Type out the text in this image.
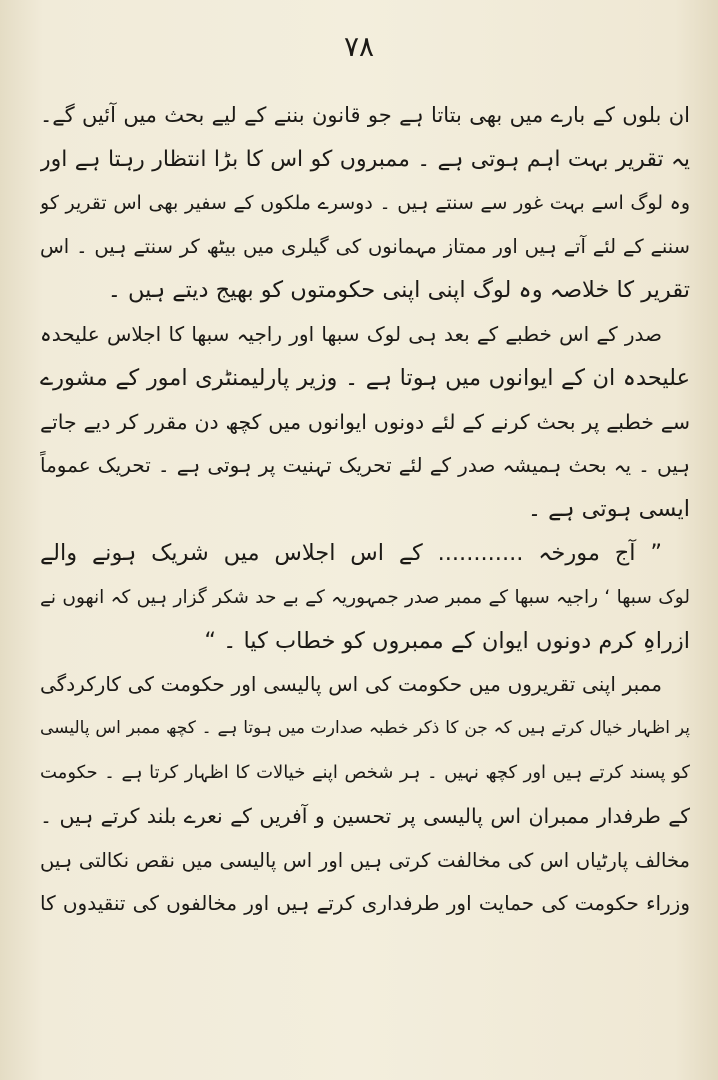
۷۸
ان بلوں کے بارے میں بھی بتاتا ہے جو قانون بننے کے لیے بحث میں آئیں گے۔
یہ تقریر بہت اہم ہوتی ہے ۔ ممبروں کو اس کا بڑا انتظار رہتا ہے اور
وہ لوگ اسے بہت غور سے سنتے ہیں ۔ دوسرے ملکوں کے سفیر بھی اس تقریر کو
سننے کے لئے آتے ہیں اور ممتاز مہمانوں کی گیلری میں بیٹھ کر سنتے ہیں ۔ اس
تقریر کا خلاصہ وہ لوگ اپنی اپنی حکومتوں کو بھیج دیتے ہیں ۔
صدر کے اس خطبے کے بعد ہی لوک سبھا اور راجیہ سبھا کا اجلاس علیحدہ
علیحدہ ان کے ایوانوں میں ہوتا ہے ۔ وزیر پارلیمنٹری امور کے مشورے
سے خطبے پر بحث کرنے کے لئے دونوں ایوانوں میں کچھ دن مقرر کر دیے جاتے
ہیں ۔ یہ بحث ہمیشہ صدر کے لئے تحریک تہنیت پر ہوتی ہے ۔ تحریک عموماً
ایسی ہوتی ہے ۔
” آج مورخہ ............ کے اس اجلاس میں شریک ہونے والے
لوک سبھا ‘ راجیہ سبھا کے ممبر صدر جمہوریہ کے بے حد شکر گزار ہیں کہ انھوں نے
ازراہِ کرم دونوں ایوان کے ممبروں کو خطاب کیا ۔ “
ممبر اپنی تقریروں میں حکومت کی اس پالیسی اور حکومت کی کارکردگی
پر اظہار خیال کرتے ہیں کہ جن کا ذکر خطبہ صدارت میں ہوتا ہے ۔ کچھ ممبر اس پالیسی
کو پسند کرتے ہیں اور کچھ نہیں ۔ ہر شخص اپنے خیالات کا اظہار کرتا ہے ۔ حکومت
کے طرفدار ممبران اس پالیسی پر تحسین و آفریں کے نعرے بلند کرتے ہیں ۔
مخالف پارٹیاں اس کی مخالفت کرتی ہیں اور اس پالیسی میں نقص نکالتی ہیں
وزراء حکومت کی حمایت اور طرفداری کرتے ہیں اور مخالفوں کی تنقیدوں کا
